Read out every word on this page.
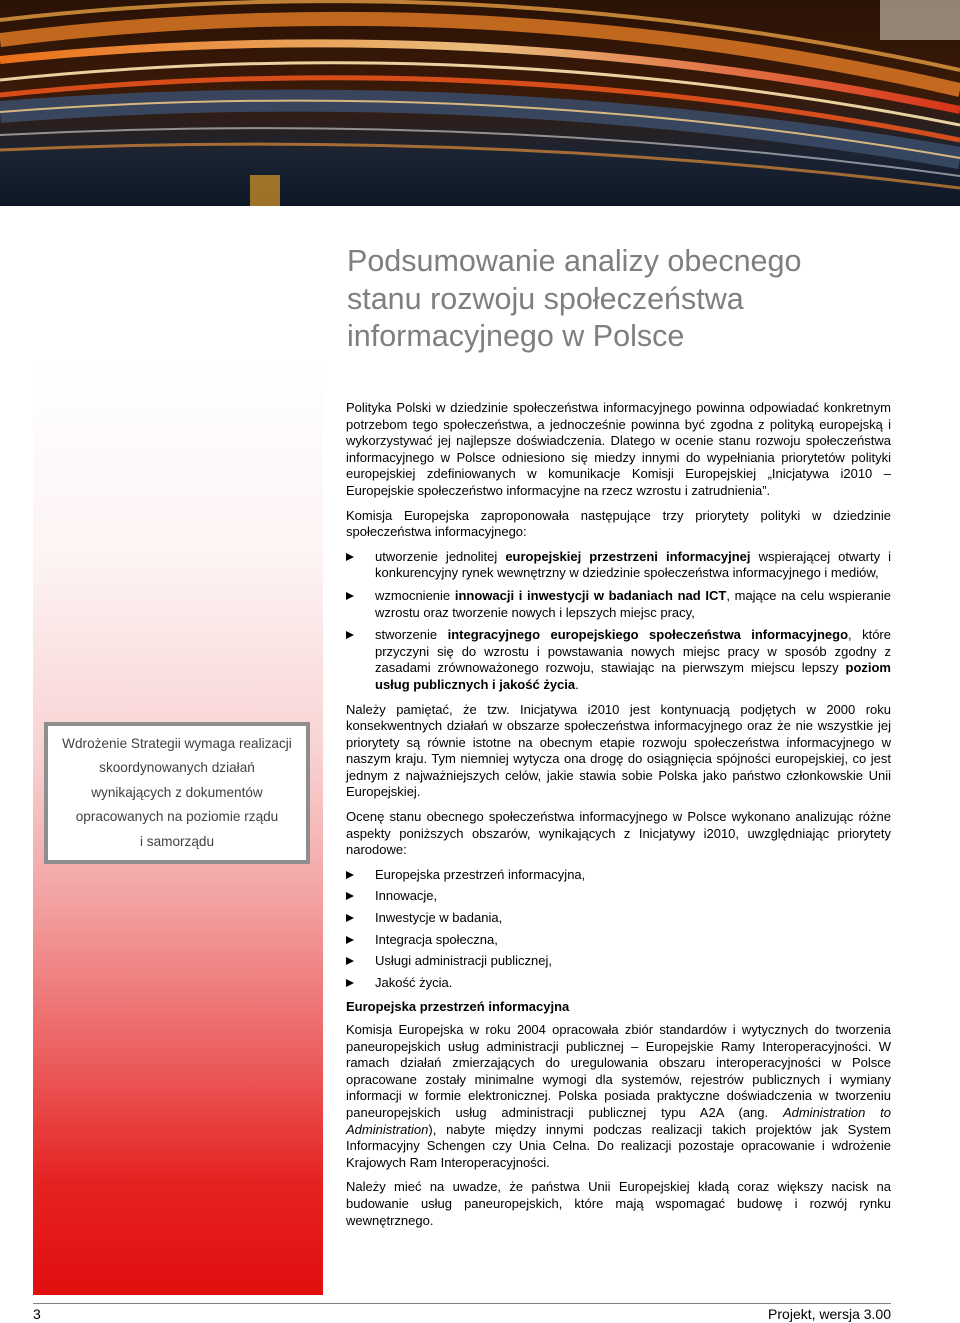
Wdrożenie Strategii wymaga realizacji
skoordynowanych działań
wynikających z dokumentów
opracowanych na poziomie rządu
i samorządu
Podsumowanie analizy obecnego
stanu rozwoju społeczeństwa
informacyjnego w Polsce

Polityka Polski w dziedzinie społeczeństwa informacyjnego powinna odpowiadać konkretnym potrzebom tego społeczeństwa, a jednocześnie powinna być zgodna z polityką europejską i wykorzystywać jej najlepsze doświadczenia. Dlatego w ocenie stanu rozwoju społeczeństwa informacyjnego w Polsce odniesiono się miedzy innymi do wypełniania priorytetów polityki europejskiej zdefiniowanych w komunikacje Komisji Europejskiej „Inicjatywa i2010 – Europejskie społeczeństwo informacyjne na rzecz wzrostu i zatrudnienia”.

Komisja Europejska zaproponowała następujące trzy priorytety polityki w dziedzinie społeczeństwa informacyjnego:

utworzenie jednolitej europejskiej przestrzeni informacyjnej wspierającej otwarty i konkurencyjny rynek wewnętrzny w dziedzinie społeczeństwa informacyjnego i mediów,
wzmocnienie innowacji i inwestycji w badaniach nad ICT, mające na celu wspieranie wzrostu oraz tworzenie nowych i lepszych miejsc pracy,
stworzenie integracyjnego europejskiego społeczeństwa informacyjnego, które przyczyni się do wzrostu i powstawania nowych miejsc pracy w sposób zgodny z zasadami zrównoważonego rozwoju, stawiając na pierwszym miejscu lepszy poziom usług publicznych i jakość życia.

Należy pamiętać, że tzw. Inicjatywa i2010 jest kontynuacją podjętych w 2000 roku konsekwentnych działań w obszarze społeczeństwa informacyjnego oraz że nie wszystkie jej priorytety są równie istotne na obecnym etapie rozwoju społeczeństwa informacyjnego w naszym kraju. Tym niemniej wytycza ona drogę do osiągnięcia spójności europejskiej, co jest jednym z najważniejszych celów, jakie stawia sobie Polska jako państwo członkowskie Unii Europejskiej.

Ocenę stanu obecnego społeczeństwa informacyjnego w Polsce wykonano analizując różne aspekty poniższych obszarów, wynikających z Inicjatywy i2010, uwzględniając priorytety narodowe:

Europejska przestrzeń informacyjna,
Innowacje,
Inwestycje w badania,
Integracja społeczna,
Usługi administracji publicznej,
Jakość życia.
Europejska przestrzeń informacyjna

Komisja Europejska w roku 2004 opracowała zbiór standardów i wytycznych do tworzenia paneuropejskich usług administracji publicznej – Europejskie Ramy Interoperacyjności. W ramach działań zmierzających do uregulowania obszaru interoperacyjności w Polsce opracowane zostały minimalne wymogi dla systemów, rejestrów publicznych i wymiany informacji w formie elektronicznej. Polska posiada praktyczne doświadczenia w tworzeniu paneuropejskich usług administracji publicznej typu A2A (ang. Administration to Administration), nabyte między innymi podczas realizacji takich projektów jak System Informacyjny Schengen czy Unia Celna. Do realizacji pozostaje opracowanie i wdrożenie Krajowych Ram Interoperacyjności.

Należy mieć na uwadze, że państwa Unii Europejskiej kładą coraz większy nacisk na budowanie usług paneuropejskich, które mają wspomagać budowę i rozwój rynku wewnętrznego.

3	Projekt, wersja 3.00
